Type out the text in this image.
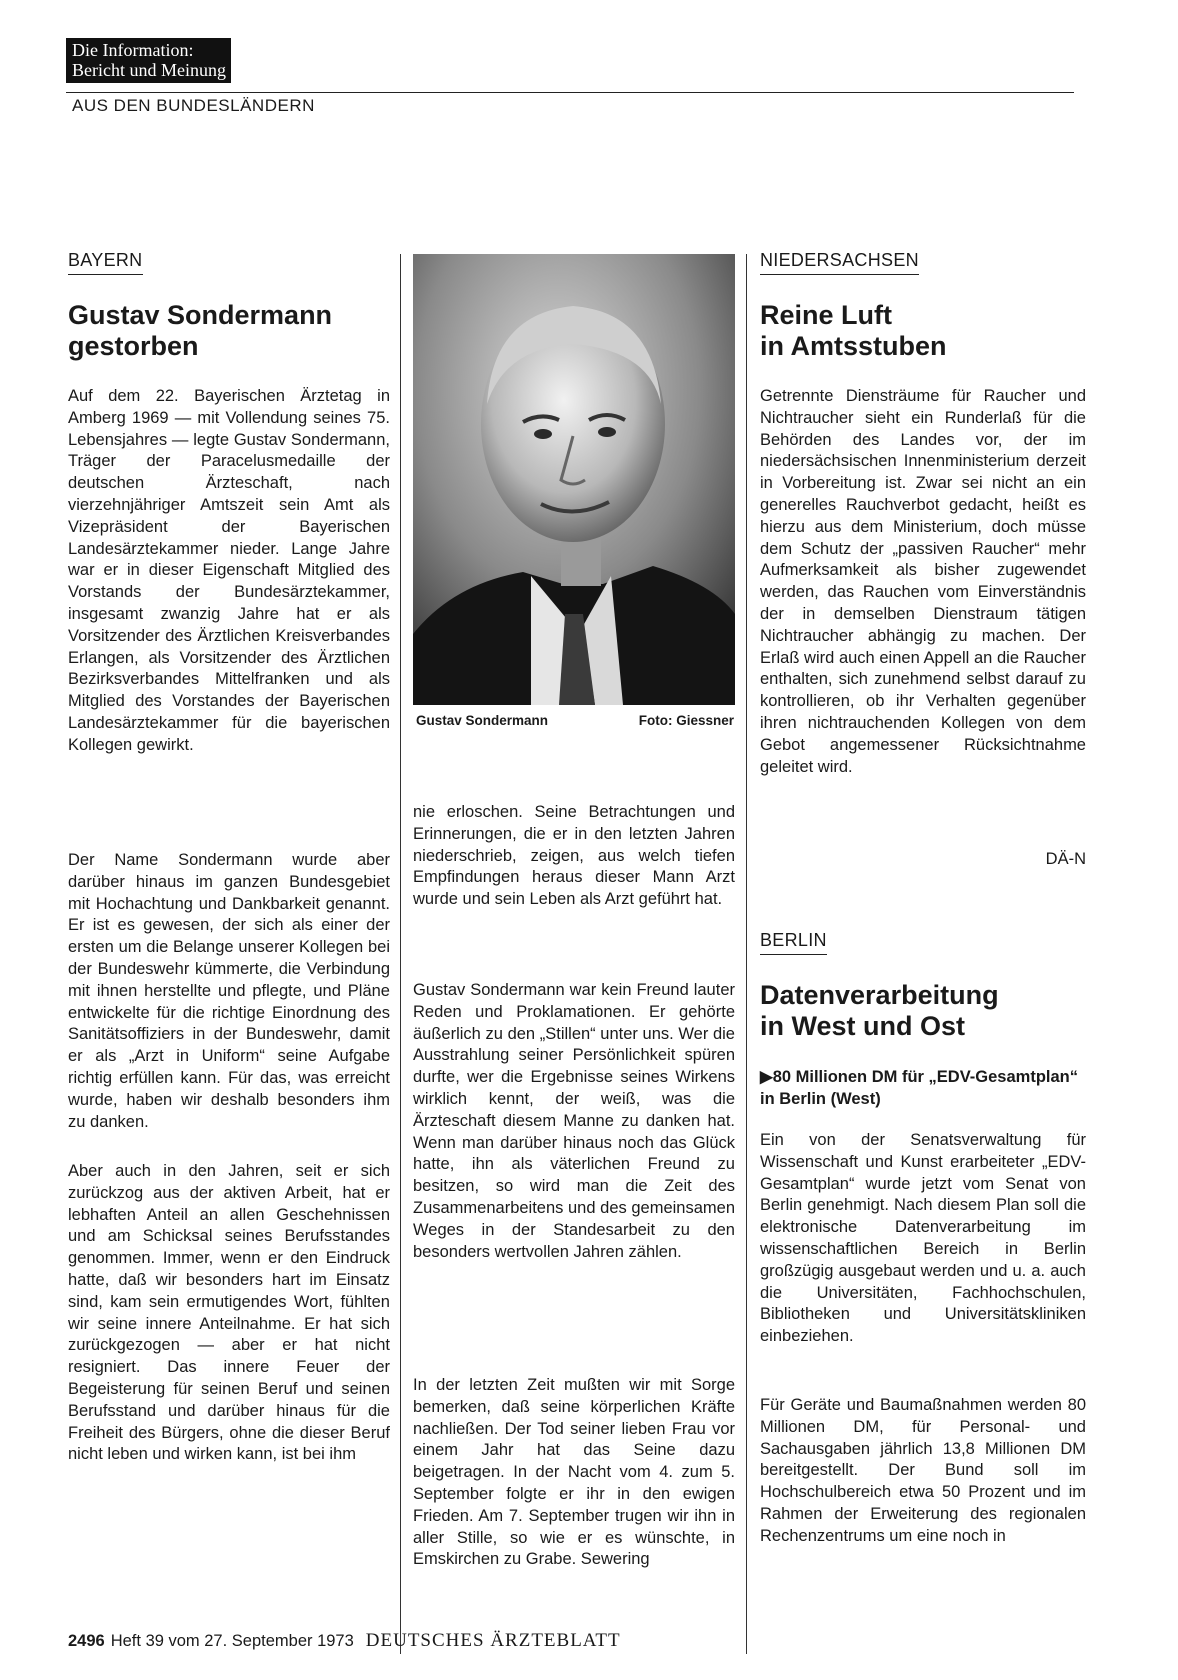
Die Information:
Bericht und Meinung
AUS DEN BUNDESLÄNDERN
BAYERN
Gustav Sondermann
gestorben

Auf dem 22. Bayerischen Ärztetag in Amberg 1969 — mit Vollendung seines 75. Lebensjahres — legte Gustav Sondermann, Träger der Paracelusmedaille der deutschen Ärzteschaft, nach vierzehnjähriger Amtszeit sein Amt als Vizepräsident der Bayerischen Landesärztekammer nieder. Lange Jahre war er in dieser Eigenschaft Mitglied des Vorstands der Bundesärztekammer, insgesamt zwanzig Jahre hat er als Vorsitzender des Ärztlichen Kreisverbandes Erlangen, als Vorsitzender des Ärztlichen Bezirksverbandes Mittelfranken und als Mitglied des Vorstandes der Bayerischen Landesärztekammer für die bayerischen Kollegen gewirkt.

Der Name Sondermann wurde aber darüber hinaus im ganzen Bundesgebiet mit Hochachtung und Dankbarkeit genannt. Er ist es gewesen, der sich als einer der ersten um die Belange unserer Kollegen bei der Bundeswehr kümmerte, die Verbindung mit ihnen herstellte und pflegte, und Pläne entwickelte für die richtige Einordnung des Sanitätsoffiziers in der Bundeswehr, damit er als „Arzt in Uniform“ seine Aufgabe richtig erfüllen kann. Für das, was erreicht wurde, haben wir deshalb besonders ihm zu danken.

Aber auch in den Jahren, seit er sich zurückzog aus der aktiven Arbeit, hat er lebhaften Anteil an allen Geschehnissen und am Schicksal seines Berufsstandes genommen. Immer, wenn er den Eindruck hatte, daß wir besonders hart im Einsatz sind, kam sein ermutigendes Wort, fühlten wir seine innere Anteilnahme. Er hat sich zurückgezogen — aber er hat nicht resigniert. Das innere Feuer der Begeisterung für seinen Beruf und seinen Berufsstand und darüber hinaus für die Freiheit des Bürgers, ohne die dieser Beruf nicht leben und wirken kann, ist bei ihm

Gustav Sondermann	Foto: Giessner

nie erloschen. Seine Betrachtungen und Erinnerungen, die er in den letzten Jahren niederschrieb, zeigen, aus welch tiefen Empfindungen heraus dieser Mann Arzt wurde und sein Leben als Arzt geführt hat.

Gustav Sondermann war kein Freund lauter Reden und Proklamationen. Er gehörte äußerlich zu den „Stillen“ unter uns. Wer die Ausstrahlung seiner Persönlichkeit spüren durfte, wer die Ergebnisse seines Wirkens wirklich kennt, der weiß, was die Ärzteschaft diesem Manne zu danken hat. Wenn man darüber hinaus noch das Glück hatte, ihn als väterlichen Freund zu besitzen, so wird man die Zeit des Zusammenarbeitens und des gemeinsamen Weges in der Standesarbeit zu den besonders wertvollen Jahren zählen.

In der letzten Zeit mußten wir mit Sorge bemerken, daß seine körperlichen Kräfte nachließen. Der Tod seiner lieben Frau vor einem Jahr hat das Seine dazu beigetragen. In der Nacht vom 4. zum 5. September folgte er ihr in den ewigen Frieden. Am 7. September trugen wir ihn in aller Stille, so wie er es wünschte, in Emskirchen zu Grabe. Sewering

NIEDERSACHSEN
Reine Luft
in Amtsstuben

Getrennte Diensträume für Raucher und Nichtraucher sieht ein Runderlaß für die Behörden des Landes vor, der im niedersächsischen Innenministerium derzeit in Vorbereitung ist. Zwar sei nicht an ein generelles Rauchverbot gedacht, heißt es hierzu aus dem Ministerium, doch müsse dem Schutz der „passiven Raucher“ mehr Aufmerksamkeit als bisher zugewendet werden, das Rauchen vom Einverständnis der in demselben Dienstraum tätigen Nichtraucher abhängig zu machen. Der Erlaß wird auch einen Appell an die Raucher enthalten, sich zunehmend selbst darauf zu kontrollieren, ob ihr Verhalten gegenüber ihren nichtrauchenden Kollegen von dem Gebot angemessener Rücksichtnahme geleitet wird.

DÄ-N
BERLIN
Datenverarbeitung
in West und Ost
▶80 Millionen DM für „EDV-Gesamtplan“ in Berlin (West)

Ein von der Senatsverwaltung für Wissenschaft und Kunst erarbeiteter „EDV-Gesamtplan“ wurde jetzt vom Senat von Berlin genehmigt. Nach diesem Plan soll die elektronische Datenverarbeitung im wissenschaftlichen Bereich in Berlin großzügig ausgebaut werden und u. a. auch die Universitäten, Fachhochschulen, Bibliotheken und Universitätskliniken einbeziehen.

Für Geräte und Baumaßnahmen werden 80 Millionen DM, für Personal- und Sachausgaben jährlich 13,8 Millionen DM bereitgestellt. Der Bund soll im Hochschulbereich etwa 50 Prozent und im Rahmen der Erweiterung des regionalen Rechenzentrums um eine noch in

2496 Heft 39 vom 27. September 1973 DEUTSCHES ÄRZTEBLATT
